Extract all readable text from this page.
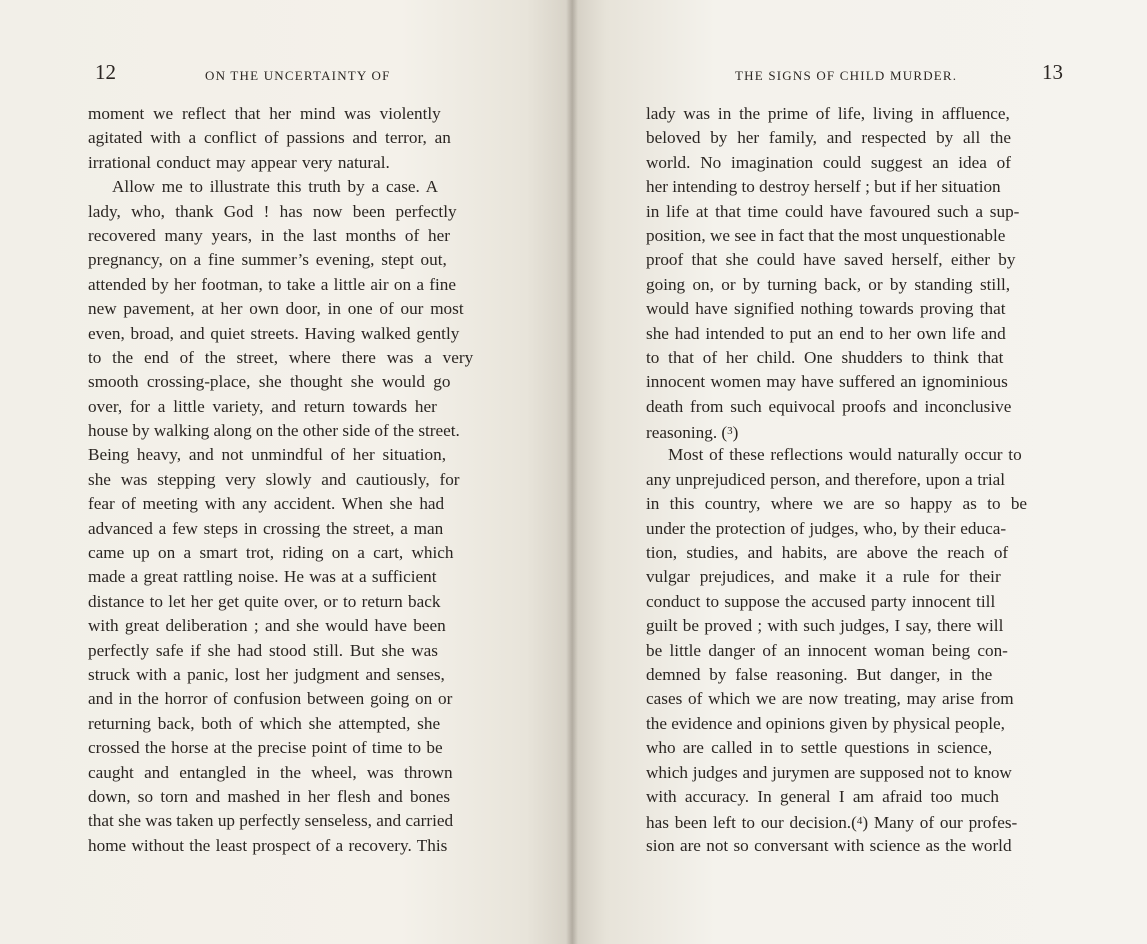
12	ON THE UNCERTAINTY OF
moment we reflect that her mind was violently
agitated with a conflict of passions and terror, an
irrational conduct may appear very natural.
Allow me to illustrate this truth by a case. A
lady, who, thank God ! has now been perfectly
recovered many years, in the last months of her
pregnancy, on a fine summer’s evening, stept out,
attended by her footman, to take a little air on a fine
new pavement, at her own door, in one of our most
even, broad, and quiet streets. Having walked gently
to the end of the street, where there was a very
smooth crossing-place, she thought she would go
over, for a little variety, and return towards her
house by walking along on the other side of the street.
Being heavy, and not unmindful of her situation,
she was stepping very slowly and cautiously, for
fear of meeting with any accident. When she had
advanced a few steps in crossing the street, a man
came up on a smart trot, riding on a cart, which
made a great rattling noise. He was at a sufficient
distance to let her get quite over, or to return back
with great deliberation ; and she would have been
perfectly safe if she had stood still. But she was
struck with a panic, lost her judgment and senses,
and in the horror of confusion between going on or
returning back, both of which she attempted, she
crossed the horse at the precise point of time to be
caught and entangled in the wheel, was thrown
down, so torn and mashed in her flesh and bones
that she was taken up perfectly senseless, and carried
home without the least prospect of a recovery. This
THE SIGNS OF CHILD MURDER.	13
lady was in the prime of life, living in affluence,
beloved by her family, and respected by all the
world. No imagination could suggest an idea of
her intending to destroy herself ; but if her situation
in life at that time could have favoured such a sup-
position, we see in fact that the most unquestionable
proof that she could have saved herself, either by
going on, or by turning back, or by standing still,
would have signified nothing towards proving that
she had intended to put an end to her own life and
to that of her child. One shudders to think that
innocent women may have suffered an ignominious
death from such equivocal proofs and inconclusive
reasoning. ($^3$)
Most of these reflections would naturally occur to
any unprejudiced person, and therefore, upon a trial
in this country, where we are so happy as to be
under the protection of judges, who, by their educa-
tion, studies, and habits, are above the reach of
vulgar prejudices, and make it a rule for their
conduct to suppose the accused party innocent till
guilt be proved ; with such judges, I say, there will
be little danger of an innocent woman being con-
demned by false reasoning. But danger, in the
cases of which we are now treating, may arise from
the evidence and opinions given by physical people,
who are called in to settle questions in science,
which judges and jurymen are supposed not to know
with accuracy. In general I am afraid too much
has been left to our decision.($^4$) Many of our profes-
sion are not so conversant with science as the world
